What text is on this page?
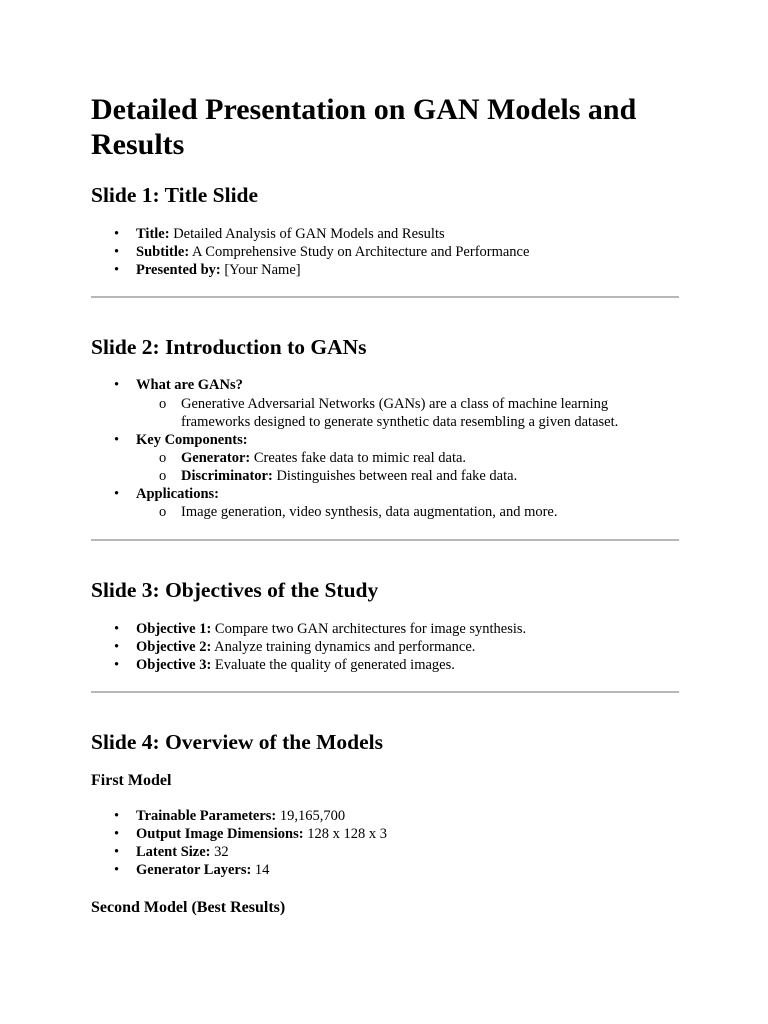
Detailed Presentation on GAN Models and Results
Slide 1: Title Slide
• Title: Detailed Analysis of GAN Models and Results
• Subtitle: A Comprehensive Study on Architecture and Performance
• Presented by: [Your Name]
Slide 2: Introduction to GANs
• What are GANs?
o Generative Adversarial Networks (GANs) are a class of machine learning frameworks designed to generate synthetic data resembling a given dataset.
• Key Components:
o Generator: Creates fake data to mimic real data.
o Discriminator: Distinguishes between real and fake data.
• Applications:
o Image generation, video synthesis, data augmentation, and more.
Slide 3: Objectives of the Study
• Objective 1: Compare two GAN architectures for image synthesis.
• Objective 2: Analyze training dynamics and performance.
• Objective 3: Evaluate the quality of generated images.
Slide 4: Overview of the Models
First Model
• Trainable Parameters: 19,165,700
• Output Image Dimensions: 128 x 128 x 3
• Latent Size: 32
• Generator Layers: 14
Second Model (Best Results)
